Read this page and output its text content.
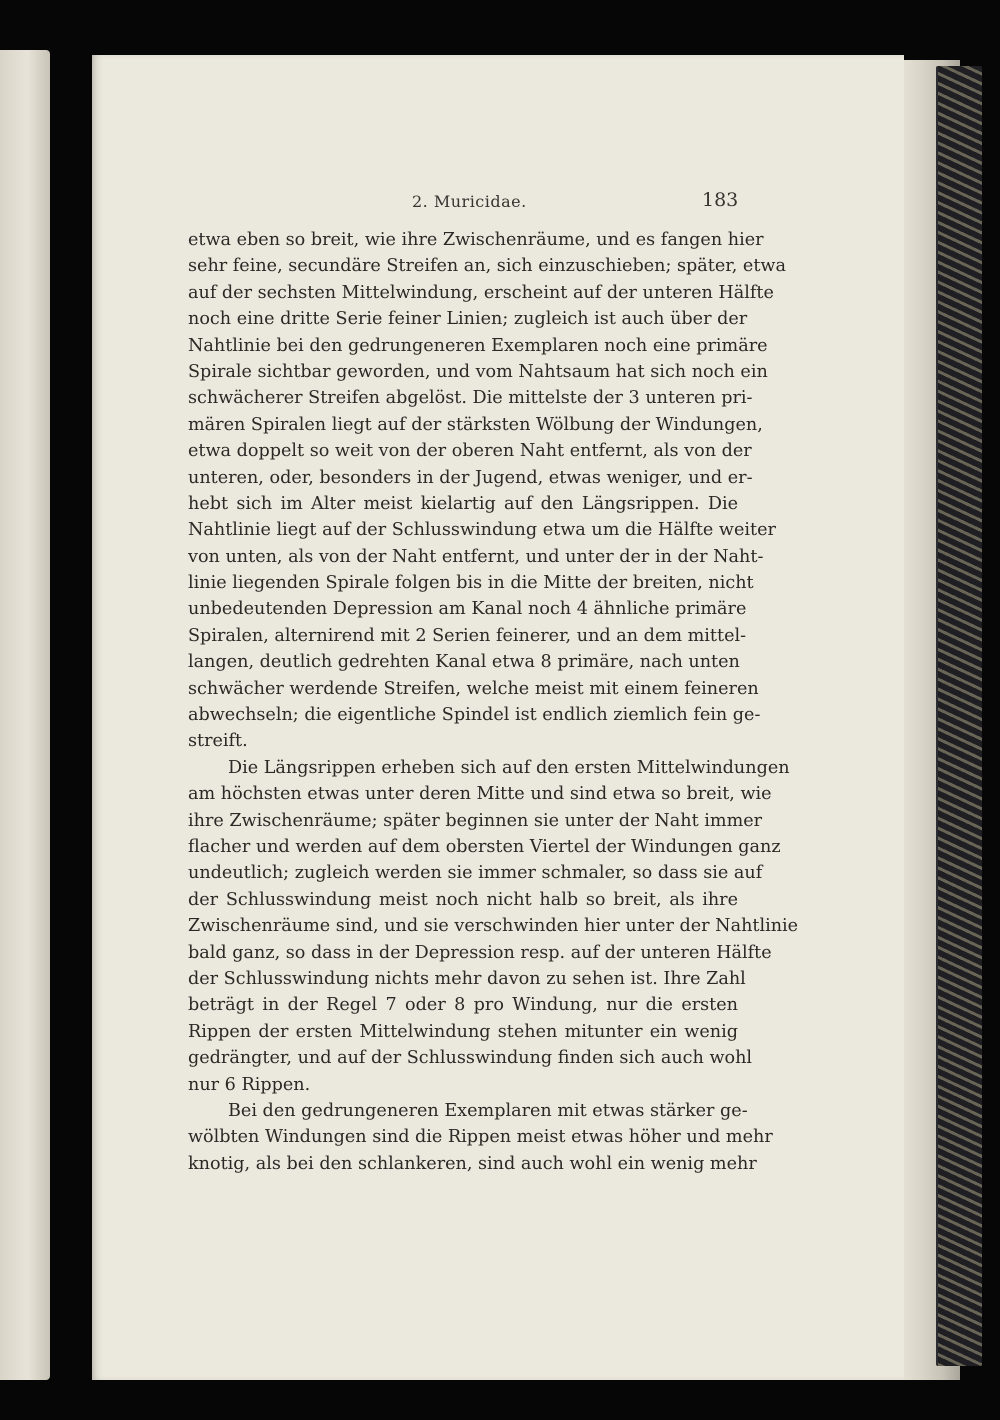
2. Muricidae.	183
etwa eben so breit, wie ihre Zwischenräume, und es fangen hier
sehr feine, secundäre Streifen an, sich einzuschieben; später, etwa
auf der sechsten Mittelwindung, erscheint auf der unteren Hälfte
noch eine dritte Serie feiner Linien; zugleich ist auch über der
Nahtlinie bei den gedrungeneren Exemplaren noch eine primäre
Spirale sichtbar geworden, und vom Nahtsaum hat sich noch ein
schwächerer Streifen abgelöst. Die mittelste der 3 unteren pri-
mären Spiralen liegt auf der stärksten Wölbung der Windungen,
etwa doppelt so weit von der oberen Naht entfernt, als von der
unteren, oder, besonders in der Jugend, etwas weniger, und er-
hebt sich im Alter meist kielartig auf den Längsrippen. Die
Nahtlinie liegt auf der Schlusswindung etwa um die Hälfte weiter
von unten, als von der Naht entfernt, und unter der in der Naht-
linie liegenden Spirale folgen bis in die Mitte der breiten, nicht
unbedeutenden Depression am Kanal noch 4 ähnliche primäre
Spiralen, alternirend mit 2 Serien feinerer, und an dem mittel-
langen, deutlich gedrehten Kanal etwa 8 primäre, nach unten
schwächer werdende Streifen, welche meist mit einem feineren
abwechseln; die eigentliche Spindel ist endlich ziemlich fein ge-
streift.
Die Längsrippen erheben sich auf den ersten Mittelwindungen
am höchsten etwas unter deren Mitte und sind etwa so breit, wie
ihre Zwischenräume; später beginnen sie unter der Naht immer
flacher und werden auf dem obersten Viertel der Windungen ganz
undeutlich; zugleich werden sie immer schmaler, so dass sie auf
der Schlusswindung meist noch nicht halb so breit, als ihre
Zwischenräume sind, und sie verschwinden hier unter der Nahtlinie
bald ganz, so dass in der Depression resp. auf der unteren Hälfte
der Schlusswindung nichts mehr davon zu sehen ist. Ihre Zahl
beträgt in der Regel 7 oder 8 pro Windung, nur die ersten
Rippen der ersten Mittelwindung stehen mitunter ein wenig
gedrängter, und auf der Schlusswindung finden sich auch wohl
nur 6 Rippen.
Bei den gedrungeneren Exemplaren mit etwas stärker ge-
wölbten Windungen sind die Rippen meist etwas höher und mehr
knotig, als bei den schlankeren, sind auch wohl ein wenig mehr
